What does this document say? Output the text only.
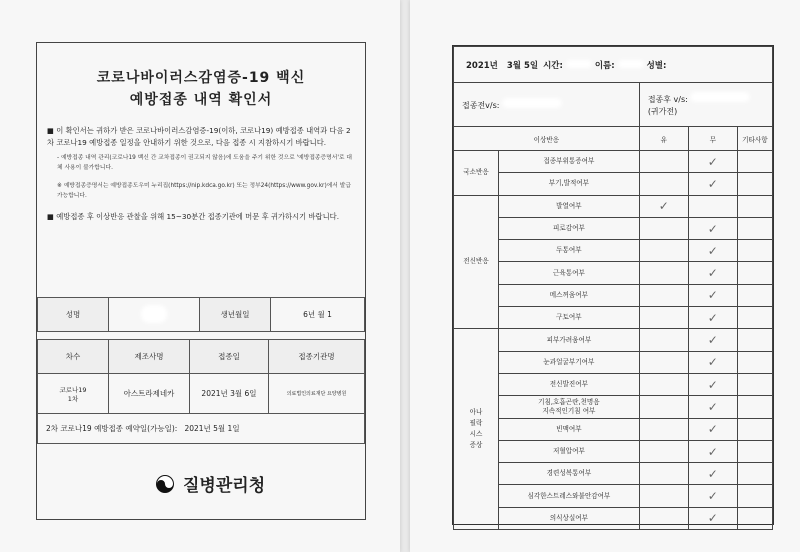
코로나바이러스감염증-19 백신
예방접종 내역 확인서
■ 이 확인서는 귀하가 받은 코로나바이러스감염증-19(이하, 코로나19) 예방접종 내역과 다음 2차 코로나19 예방접종 일정을 안내하기 위한 것으로, 다음 접종 시 지참하시기 바랍니다.
- 예방접종 내역 관리(코로나19 백신 간 교차접종이 권고되지 않음)에 도움을 주기 위한 것으로 '예방접종증명서'로 대체 사용이 불가합니다.
※ 예방접종증명서는 예방접종도우미 누리집(https://nip.kdca.go.kr) 또는 정부24(https://www.gov.kr)에서 발급 가능합니다.
■ 예방접종 후 이상반응 관찰을 위해 15~30분간 접종기관에 머문 후 귀가하시기 바랍니다.
성명		생년월일	6년 월 1
차수	제조사명	접종일	접종기관명
코로나19
1차	아스트라제네카	2021년 3월 6일	의료법인의료재단 요양병원
2차 코로나19 예방접종 예약일(가능일): 2021년 5월 1일			
질병관리청
2021년 3월 5일 시간: 이름: 성별:				
접종전v/s:		접종후 v/s:
(귀가전)		
이상반응		유	무	기타사항
국소반응	접종부위통증여부		✓	
	부기,발적여부		✓	
전신반응	발열여부	✓		
	피로감여부		✓	
	두통여부		✓	
	근육통여부		✓	
	메스꺼움여부		✓	
	구토여부		✓	
아나
필락
시스
증상	피부가려움여부		✓	
	눈과얼굴부기여부		✓	
	전신발진여부		✓	
	기침,호흡곤란,천명음
지속적인기침 여부		✓	
	빈맥여부		✓	
	저혈압여부		✓	
	경련성복통여부		✓	
	심각한스트레스와불안감여부		✓	
	의식상실여부		✓	
